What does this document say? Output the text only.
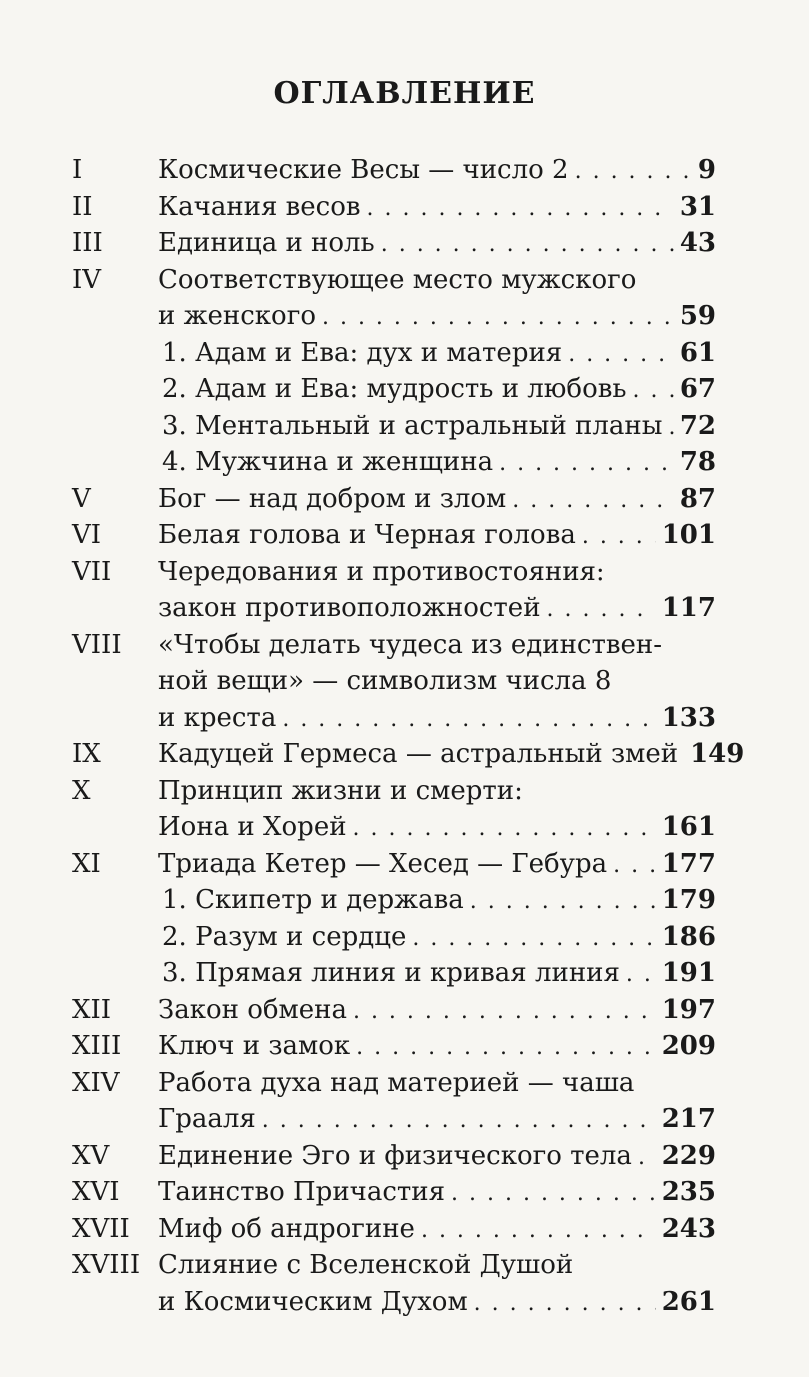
ОГЛАВЛЕНИЕ
I	Космические Весы — число 2 . . .	9
II	Качания весов . . .	31
III Единица и ноль . . .	43
IV Соответствующее место мужского
и женского . . .	59
1. Адам и Ева: дух и материя . . .	61
2. Адам и Ева: мудрость и любовь . . . 67
3. Ментальный и астральный планы . . . 72
4. Мужчина и женщина . . .	78
V	Бог — над добром и злом . . .	87
VI Белая голова и Черная голова . . .	101
VII Чередования и противостояния:
закон противоположностей . . .	117
VIII «Чтобы делать чудеса из единствен-
ной вещи» — символизм числа 8
и креста . . .	133
IX Кадуцей Гермеса — астральный змей 149
X	Принцип жизни и смерти:
Иона и Хорей . . .	161
XI Триада Кетер — Хесед — Гебура . . . 177
1. Скипетр и держава . . .	179
2. Разум и сердце . . .	186
3. Прямая линия и кривая линия . . . 191
XII Закон обмена . . .	197
XIII Ключ и замок . . .	209
XIV Работа духа над материей — чаша
Грааля . . .	217
XV Единение Эго и физического тела . . . 229
XVI Таинство Причастия . . .	235
XVII Миф об андрогине . . .	243
XVIII Слияние с Вселенской Душой
и Космическим Духом . . .	261
